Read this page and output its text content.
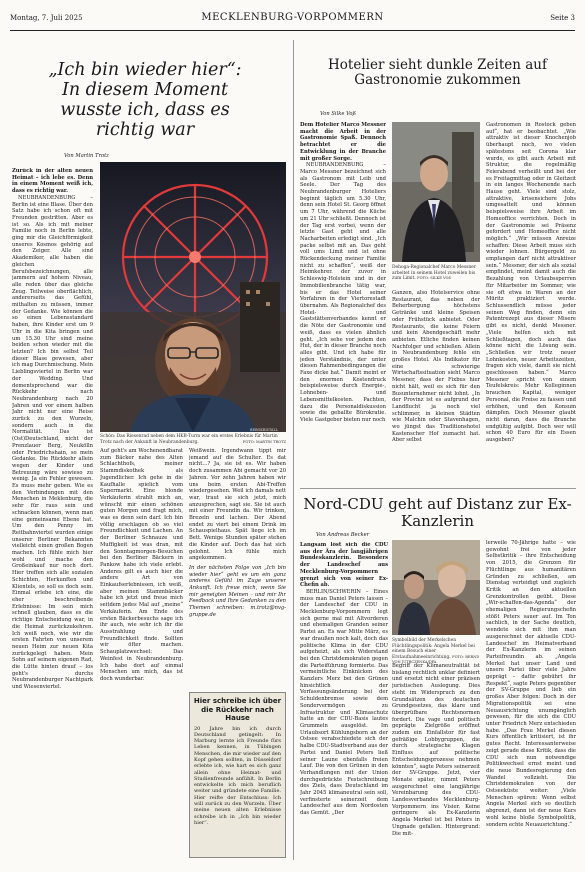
Montag, 7. Juli 2025	MECKLENBURG-VORPOMMERN	Seite 3
„Ich bin wieder hier“: In diesem Moment wusste ich, dass es richtig war
Von Martin Trotz

Zurück in der alten neuen Heimat – ich lebe es. Denn in einem Moment weiß ich, dass es richtig war.

NEUBRANDENBURG – Berlin ist eine Blase. Über den Satz habe ich schon oft mit Freunden gestritten. Aber es ist so. Als ich mit meiner Familie noch in Berlin lebte, ging mir die Gleichförmigkeit unseres Kosmos gehörig auf den Zeiger. Alle sind Akademiker, alle haben die gleichen Berufsbezeichnungen, alle jammern auf hohem Niveau, alle reden über das gleiche Zeug. Teilweise oberflächlich, andererseits das Gefühl, mithalten zu müssen, immer der Gedanke. Wie können die so einen Lebensstandard haben, ihre Kinder erst um 9 Uhr in die Kita bringen und um 15.30 Uhr sind meine beiden schon wieder mit die letzten? Ich bin selbst Teil dieser Blase gewesen, aber ich mag Durchmischung. Mein Lieblingsviertel in Berlin war der Wedding. Und dementsprechend war die Rückkehr nach Neubrandenburg nach 20 Jahren und vor einem halben Jahr nicht nur eine Reise zurück zu den Wurzeln, sondern auch in die Normalität. Das ist (Ost)Deutschland, nicht der Prenzlauer Berg, Neukölln oder Friedrichshain, so mein Gedanke. Die Rückkehr allein wegen der Kinder und Betreuung wäre sowieso zu wenig. Ja ein Fehler gewesen. Es muss mehr geben. Wie es den Verbindungen mit den Menschen in Meklenburg, die sehr für raus sein und schnacken können, wenn man eine gemeinsame Ebene hat. Um den Penny im Reitbahnviertel wurden einige unserer Berliner Bekannten vielleicht einen großen Bogen machen. Ich fühle mich hier wohl und mache den Großeinkauf nur noch dort. Hier treffen sich alle sozialen Schichten, Herkunften und Klientels, so soll es doch sein. Einmal erlebe ich eine, die eher beschreibende Erlebnisse: Im sein mich schnell glauben, dass es die richtige Entscheidung war, in die Heimat zurückzukehren. Ich weiß noch, wie wir die ersten Fahrten von unserem neuen Heim zur neuen Kita zurückgelegt haben. Mein Sohn auf seinem eigenen Rad, die Lütte hinten drauf – los geht's durchs Neubrandenburger Nachtpark und Wiesenviertel.

Schön: Das Riesenrad neben dem HKB-Turm war ein erstes Erlebnis für Martin Trotz nach der Ankunft in Neubrandenburg.	FOTO: MARTIN TROTZ
BERGKRISTALL
Auf geht's am Wochenendbarat zum Bäcker nahe des Alten Schlachthofs, meiner Stammdiskothek als Jugendlicher. Ich gehe in die Kaufhalle spielich vom Supermarkt. Eine blonde Verkäuferin strahlt mich an, wünscht mir einen schönen guten Morgen und fragt mich, was es denn sein darf. Ich bin völlig erschlagen ob so viel Freundlichkeit und Lachen. An der Berliner Schnauze und Muffigkeit ist was dran, mit den Sonntagmorgen-Besuchen bei den Berliner Bäckern in Pankow habe ich viele erlebt. Anderes gilt es auch hier die andere Art von Einkaufserlebnissen, ich weiß, aber meinen Stammbäcker habe ich jetzt und freue mich seitdem jedes Mal auf „meine“ Verkäuferin. Am Ende des ersten Bäckerbesuchs sage ich ihr auch, wie sehr ich ihr die Ausstrahlung und Freundlichkeit finde. Sollten wir öfter machen. Schauplatzwechsel: Das Weinfest in Neubrandenburg. Ich habe dort auf einmal Menschen um mich, das ist doch wunderbar.

Weißwein. Irgendwann tippt mir jemand auf die Schulter. Es dat nicht…? Ja, sie ist es. Wir haben doch zusammen Abi gemacht vor 20 Jahren. Vor zehn Jahren haben wir uns beim ersten Abi-Treffen wiedergesehen. Weil ich damals nett war, traut sie sich jetzt, mich anzusprechen, sagt sie. Sie ist auch mit einer Freundin da. Wir trinken, Brezeln und lachen. Der Abend endet zu viert bei einem Drink im Schauspielhaus. Spät liege ich im Bett. Wenige Stunden später stehen die Kinder auf. Doch das hat sich gelohnt. Ich fühle mich angekommen.

In der nächsten Folge von „Ich bin wieder hier“ geht es um ein ganz anderes Gefühl im Zuge unserer Ankunft. Ich freue mich, wenn Sie mir geneigten Meinen – und mir Ihr Feedback und Ihre Gedanken zu den Themen schreiben: m.trotz@nvg-gruppe.de

Hier schreibe ich über die Rückkehr nach Hause
20 Jahre bin ich durch Deutschland getingelt: In Marburg lernte ich Freunde fürs Leben kennen, in Tübingen Menschen, die mir wieder auf den Kopf gehen sollten, in Düsseldorf erlebte ich, wie hart es sich ganz allein ohne Heimat- und Studienfreunde anfühlt. In Berlin entwickelte ich mich beruflich weiter und gründete eine Familie. Hier reifte der Entschluss: Ich will zurück zu den Wurzeln. Über meine neuen alten Erlebnisse schreibe ich in „Ich bin wieder hier“.
Hotelier sieht dunkle Zeiten auf Gastronomie zukommen
Von Silke Voß

Dem Hotelier Marco Messner macht die Arbeit in der Gastronomie Spaß. Dennoch betrachtet er die Entwicklung in der Branche mit großer Sorge.

NEUBRANDENBURG – Marco Messner bezeichnet sich als Gastronom mit Leib und Seele. Der Tag des Neubrandenburger Hoteliers beginnt täglich um 5.30 Uhr, denn sein Hotel St. Georg öffnet um 7 Uhr, während die Küche um 21 Uhr schließt. Dennoch ist der Tag erst vorbei, wenn der letzte Gast geht und alle Nacharbeiten erledigt sind. „Ich packe selbst mit an. Das geht voll ums Limit und ist ohne Rückendeckung meiner Familie nicht zu schaffen“, weiß der Heimkehrer. der zuvor in Schleswig-Holstein und in der Immobilienbranche tätig war, bis er das Hotel seiner Vorfahren in der Viertorestadt übernahm. Als Regionalchef des Hotel- und Gaststättenverbandes kennt er die Nöte der Gastronomie und weiß, dass es vielen ähnlich geht. „Ich sehe vor jedem den Hut, der in dieser Branche noch alles gibt. Und ich habe für jeden Verständnis, der unter diesen Rahmenbedingungen die Faxe dicke hat.“ Damit meint er den enormen Kostendruck beispielsweise durch Energie-, Lohneben- und Lebensmittelkosten. Pachten, dazu die Personaldiskussion sowie die geballte Bürokratie. Viele Gastgeber bieten nur noch

Dehoga-Regionalchef Marco Messner arbeitet in seinem Hotel zuweilen bis zum Limit. FOTO: SILKE VOß
Ganzen, also Hotelservice ohne Restaurant, das neben der Beherbergung höchstens Getränke und kleine Speisen oder Frühstück anbietet. Oder Restaurants, die keine Feiern und kein Abendgeschäft mehr anbieten. Etliche finden keinen Nachfolger und schließen. Allein in Neubrandenburg fehle ein großes Hotel. Als Indikator für eine schwierige Wirtschaftssituation sieht Marco Messner, dass der Fixbus hier nicht hält, weil es sich für den Busunternehmer nicht lohnt. „In der Provinz ist es aufgrund der Landflucht ja noch viel schlimmer, in kleinen Städten wie Malchin oder Stavenhagen, wo jüngst das Traditionshotel Kastenscher Hof zumacht hat. Aber selbst
Gastronomen in Rostock geben auf“, hat er beobachtet. „Wie attraktiv ist dieser Knochenjob überhaupt noch, wo vielen spätestens seit Corona klar wurde, es gibt auch Arbeit mit Struktur, die regelmäßig Feierabend verheißt und bei der es Freitagmittag oder in Gleitzeit in ein langes Wochenende nach Hause geht. Viele sind stolz, attraktive, krisensichere Jobs umgesattelt und können beispielsweise ihre Arbeit im Homeoffice verrichten. Doch in der Gastronomie sei Präsenz gefordert und Homeoffice nicht möglich.“ „Wir müssen Anreize schaffen: Diese Arbeit muss sich wieder lohnen. Bürgergeld zu empfangen darf nicht attraktiver sein.“ Messner, der sich als sozial empfindet, meint damit auch die Bezahlung von Urlaubssperren für Mitarbeiter im Sommer, wie sie oft etwa in Waren an der Müritz praktiziert werde. Schlussendlich müsse jeder seinen Weg finden, denn ein Patentrezept aus dieser Misere gibt es nicht, denkt Messner. „Viele helfen sich mit Schließtagen, doch auch das könne nicht die Lösung sein. „Schließen wir trotz neuer Lohnkosten, neuer Arbeitszeiten, fragen sich viele, damit sie nicht geschlossen haben.“ Marco Messner spricht von einem Teufelskreis: Mehr Kolleginnen brauchen Kapital, weniger Personal, die Preise zu fassen und erhöhen, und den Konsum dämpfen. Doch Messner glaubt nicht daran, dass die Branche endgültig aufgibt. Doch wer will schon 40 Euro für ein Essen ausgeben?
Nord-CDU geht auf Distanz zur Ex-Kanzlerin
Von Andreas Becker

Langsam löst sich die CDU aus der Ära der langjährigen Bundeskanzlerin. Besonders der Landeschef aus Mecklenburg-Vorpommern grenzt sich von seiner Ex-Chefin ab.

BERLIN/SCHWERIN – Eines muss man Daniel Peters lassen – der Landeschef der CDU in Mecklenburg-Vorpommern legt sich gerne mal mit Altvorderen und ehemaligen Granden seiner Partei an. Es war Mitte März, es war draußen noch kalt, doch das politische Klima in der CDU aufgeheizt, als sich Widerstand bei den Christdemokraten gegen die Parteiführung formierte. Das vermeintliche Einknicken des Kanzlers Merz bei den Grünen hinsichtlich der Verfassungsänderung bei der Schuldenbremse sowie dem Sondervermögen zu Infrastruktur und Klimaschutz hatte an der CDU-Basis lautes Grummeln ausgelöst. Im Urlaubsort Kühlungsborn an der Ostsee verabschiedete sich der halbe CDU-Stadtverband aus der Partei und Daniel Peters ließ seiner Laune ebenfalls freien Lauf. Die von den Grünen in den Verhandlungen mit der Union durchgedrückte Festschreibung des Ziels, dass Deutschland im Jahr 2045 klimaneutral sein soll, verfinsterte seinerzeit dem Landeschef aus dem Nordosten das Gemüt. „Der

Symbolbild der Merkelschen Flüchtlingspolitik: Angela Merkel bei einem Besuch einer Erstaufnahmeeinrichtung. FOTO: BERND VON JUTRCZENKA/DPA
Begriff der Klimaneutralität ist bislang rechtlich unklar definiert und ersetzt nicht einer präzisen juristischen Auslegung. Dies steht im Widerspruch zu den Grundsätzen des deutschen Grundgesetzes, das klare und überprüfbare Rechtsnormen fordert. Die vage und politisch geprägte Zielgröße eröffnet zudem ein Einfallstor für fast gefräßige Lobbygruppen, die durch strategische Klagen Einfluss auf politische Entscheidungsprozesse nehmen könnten“, sagte Peters seinerzeit der SV-Gruppe. Jetzt, vier Monate später, nimmt Peters ausgerechnet eine langjährige Vereinbarung des CDU-Landesverbandes Mecklenburg-Vorpommern ins Visier. Keine geringere als Ex-Kanzlerin Angela Merkel ist bei Peters in Ungnade gefallen. Hintergrund: Die mit-
lerweile 70-Jährige hatte – wie gewohnt frei von jeder Selbstkritik – ihre Entscheidung von 2015, die Grenzen für Flüchtlinge aus humanitären Gründen zu schließen, am Dienstag verteidigt und zugleich Kritik an den aktuellen Grenzkontrollen geübt. Diese „Wir-schaffen-das-Agenda“ der ehemaligen Regierungschefin stößt Peters sauer auf. Im Ton sachlich, in der Sache deutlich, wendete sich mit ihm man ausgerechnet der aktuelle CDU-Landeschef im Heimatverband der Ex-Kanzlerin im seinen Parteifreundin ab. „Angela Merkel hat unser Land und unsere Partei über viele Jahre geprägt – dafür gebührt ihr Respekt“, sagte Peters gegenüber der SV-Gruppe und lieb ein großes Aber folgen: Doch in der Migrationspolitik sei eine Neuausrichtung unumgänglich gewesen, für die sich die CDU unter Friedrich Merz entschieden habe. „Das Frau Merkel diesen Kurs öffentlich kritisiert, ist ihr gutes Recht. Interessanterweise zeigt gerade diese Kritik, dass die CDU sich nun notwendige Politikwechsel ernst meint und die neue Bundesregierung den Wandel vollzieht. Die Christdemokraten von der Ostseeküste weiter: „Viele Menschen spüren: Wenn selbst Angela Merkel sich so deutlich abgrenzt, dann ist der neue Kurs wohl keine bloße Symbolpolitik, sondern echte Neuausrichtung.“
